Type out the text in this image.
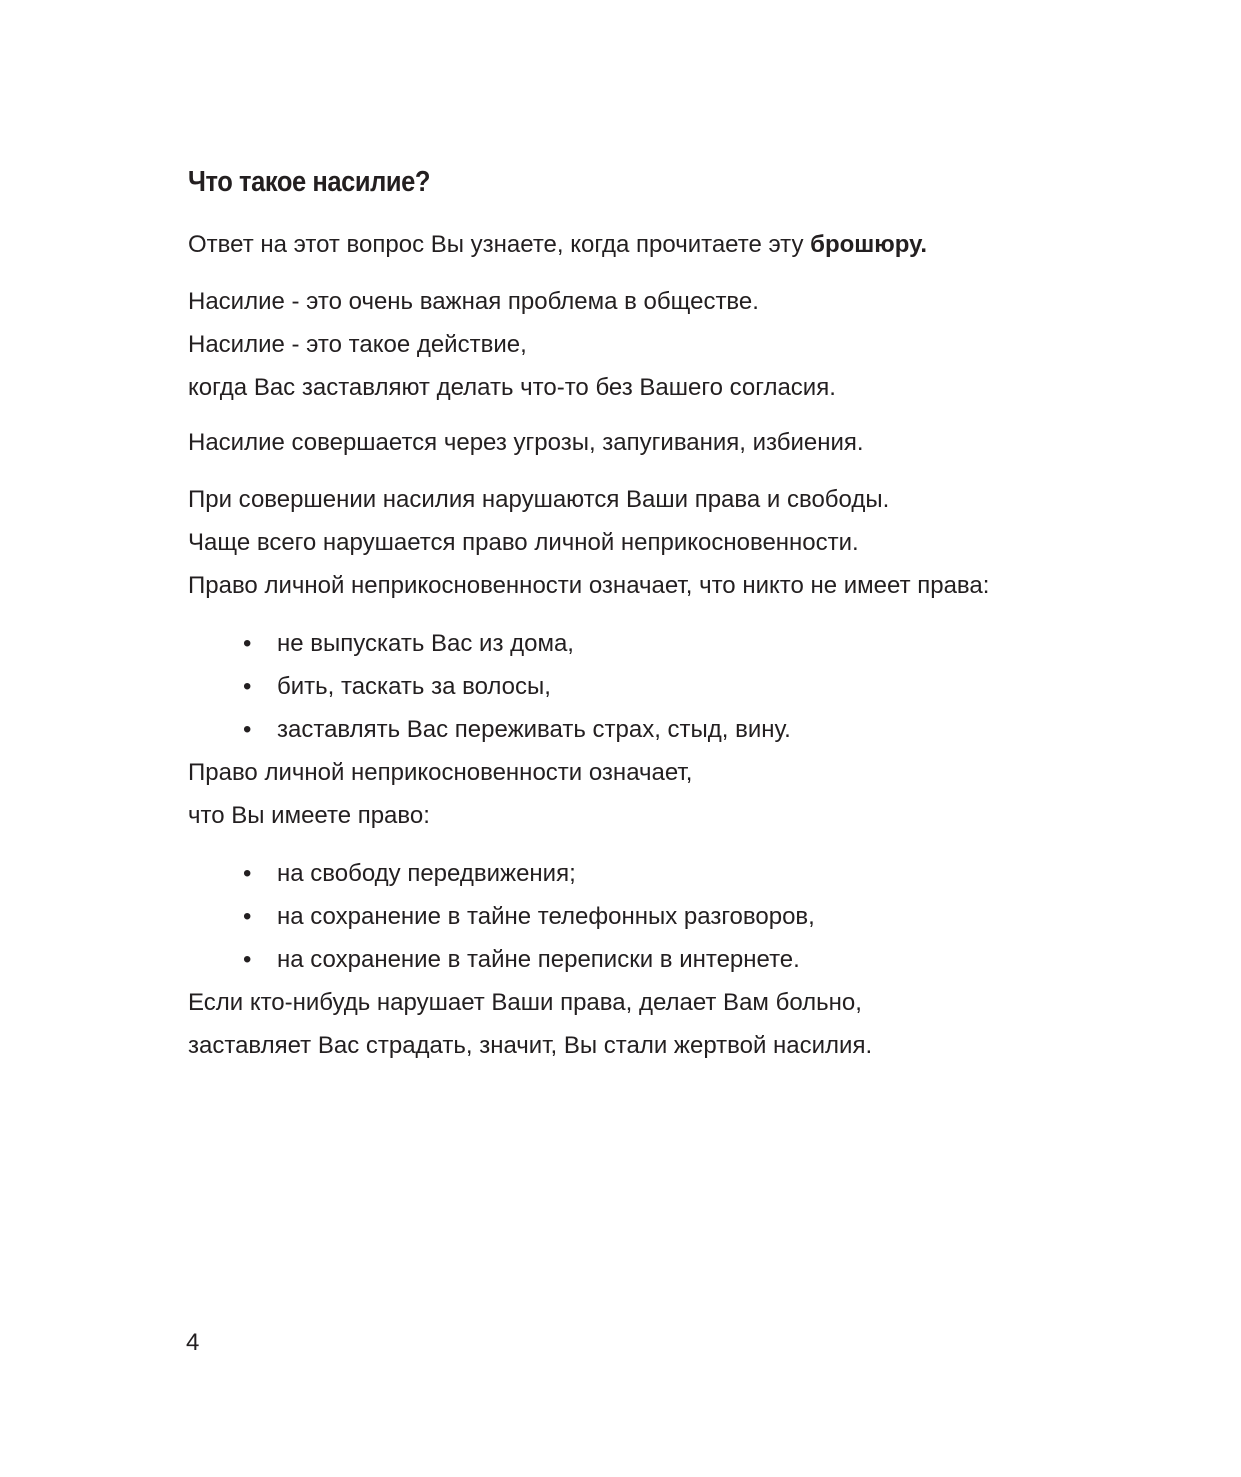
Что такое насилие?
Ответ на этот вопрос Вы узнаете, когда прочитаете эту брошюру.
Насилие - это очень важная проблема в обществе.
Насилие - это такое действие,
когда Вас заставляют делать что-то без Вашего согласия.
Насилие совершается через угрозы, запугивания, избиения.
При совершении насилия нарушаются Ваши права и свободы.
Чаще всего нарушается право личной неприкосновенности.
Право личной неприкосновенности означает, что никто не имеет права:
• не выпускать Вас из дома,
• бить, таскать за волосы,
• заставлять Вас переживать страх, стыд, вину.
Право личной неприкосновенности означает,
что Вы имеете право:
• на свободу передвижения;
• на сохранение в тайне телефонных разговоров,
• на сохранение в тайне переписки в интернете.
Если кто-нибудь нарушает Ваши права, делает Вам больно,
заставляет Вас страдать, значит, Вы стали жертвой насилия.
4
